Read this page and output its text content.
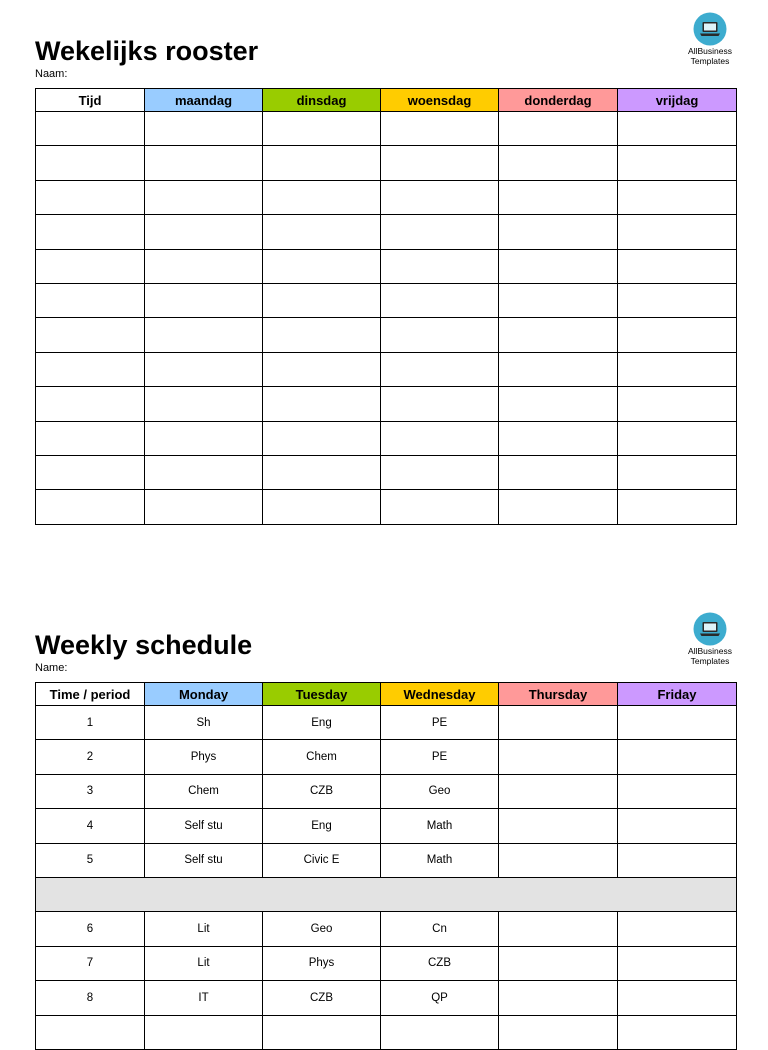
Wekelijks rooster
Naam:
AllBusiness
Templates
Tijd	maandag	dinsdag	woensdag	donderdag	vrijdag

Weekly schedule
Name:
AllBusiness
Templates
Time / period	Monday	Tuesday	Wednesday	Thursday	Friday
1	Sh	Eng	PE		
2	Phys	Chem	PE		
3	Chem	CZB	Geo		
4	Self stu	Eng	Math		
5	Self stu	Civic E	Math		

6	Lit	Geo	Cn		
7	Lit	Phys	CZB		
8	IT	CZB	QP		
